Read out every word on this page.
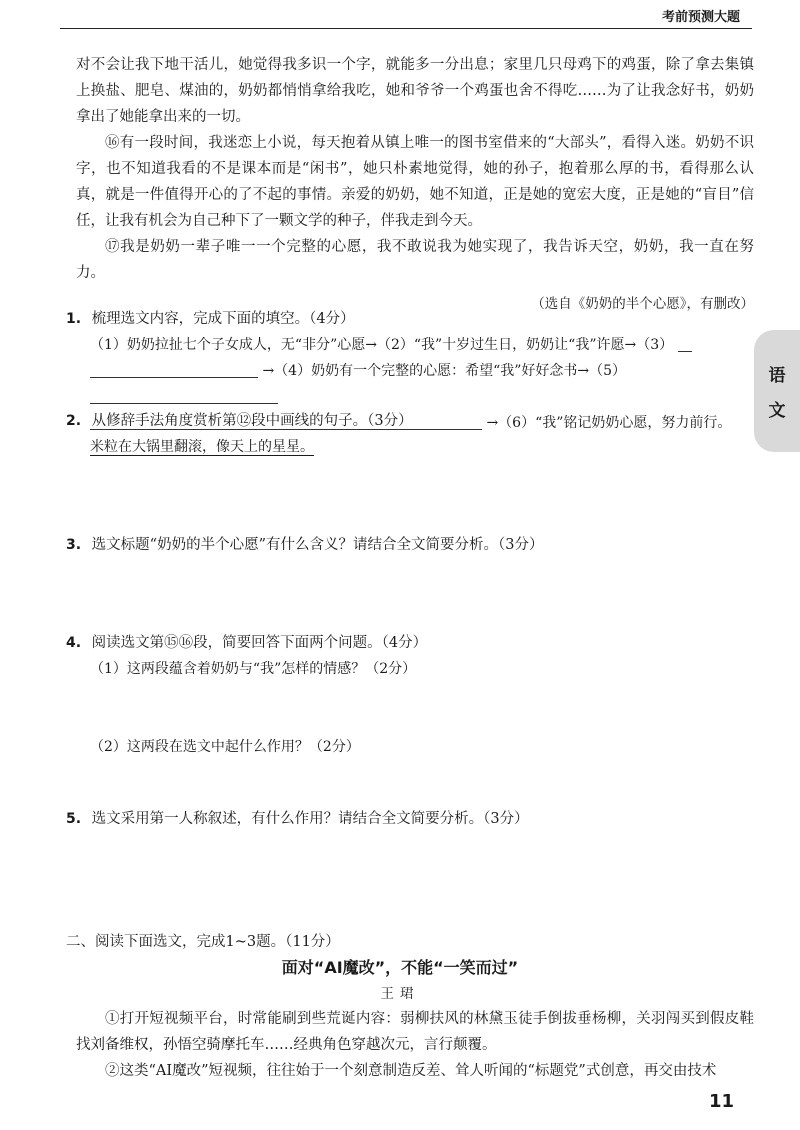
考前预测大题

对不会让我下地干活儿，她觉得我多识一个字，就能多一分出息；家里几只母鸡下的鸡蛋，除了拿去集镇上换盐、肥皂、煤油的，奶奶都悄悄拿给我吃，她和爷爷一个鸡蛋也舍不得吃……为了让我念好书，奶奶拿出了她能拿出来的一切。

⑯有一段时间，我迷恋上小说，每天抱着从镇上唯一的图书室借来的“大部头”，看得入迷。奶奶不识字，也不知道我看的不是课本而是“闲书”，她只朴素地觉得，她的孙子，抱着那么厚的书，看得那么认真，就是一件值得开心的了不起的事情。亲爱的奶奶，她不知道，正是她的宽宏大度，正是她的“盲目”信任，让我有机会为自己种下了一颗文学的种子，伴我走到今天。

⑰我是奶奶一辈子唯一一个完整的心愿，我不敢说我为她实现了，我告诉天空，奶奶，我一直在努力。

（选自《奶奶的半个心愿》，有删改）

1. 梳理选文内容，完成下面的填空。（4分）
（1）奶奶拉扯七个子女成人，无“非分”心愿→（2）“我”十岁过生日，奶奶让“我”许愿→（3）
→（4）奶奶有一个完整的心愿：希望“我”好好念书→（5）
→（6）“我”铭记奶奶心愿，努力前行。
2. 从修辞手法角度赏析第⑫段中画线的句子。（3分）
米粒在大锅里翻滚，像天上的星星。
3. 选文标题“奶奶的半个心愿”有什么含义？请结合全文简要分析。（3分）
4. 阅读选文第⑮⑯段，简要回答下面两个问题。（4分）
（1）这两段蕴含着奶奶与“我”怎样的情感？（2分）
（2）这两段在选文中起什么作用？（2分）
5. 选文采用第一人称叙述，有什么作用？请结合全文简要分析。（3分）
二、阅读下面选文，完成1~3题。（11分）
面对“AI魔改”，不能“一笑而过”
王珺

①打开短视频平台，时常能刷到些荒诞内容：弱柳扶风的林黛玉徒手倒拔垂杨柳，关羽闯买到假皮鞋找刘备维权，孙悟空骑摩托车……经典角色穿越次元，言行颠覆。

②这类“AI魔改”短视频，往往始于一个刻意制造反差、耸人听闻的“标题党”式创意，再交由技术

语
文
11
